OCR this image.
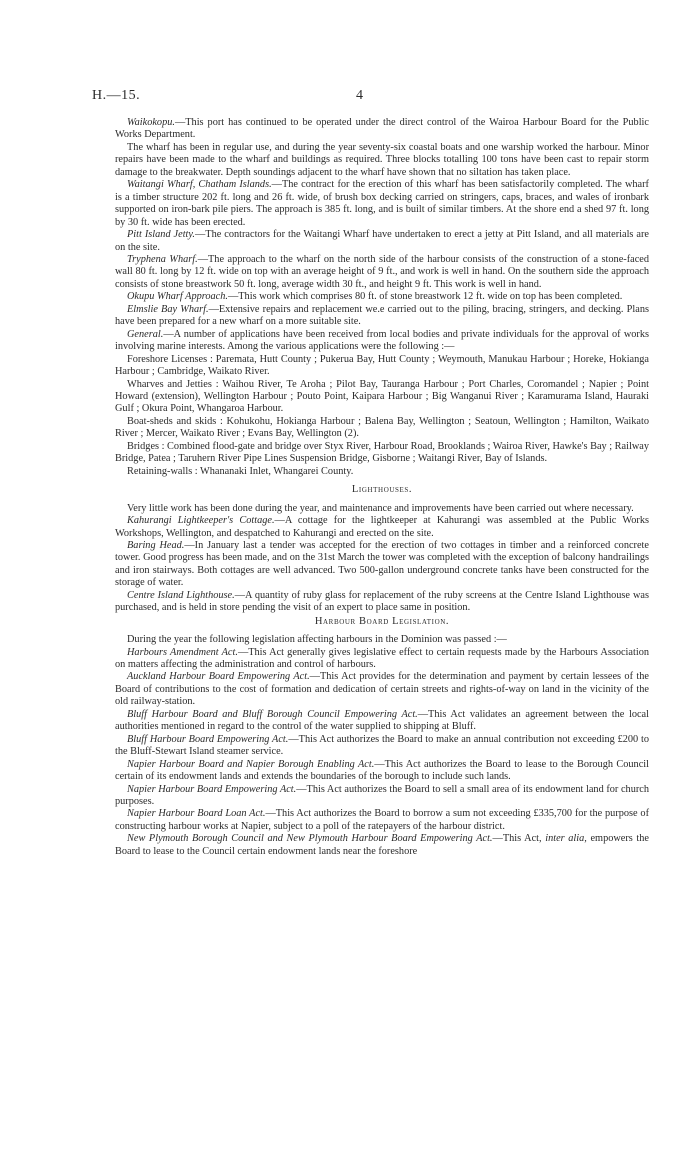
H.—15.	4

Waikokopu.—This port has continued to be operated under the direct control of the Wairoa Harbour Board for the Public Works Department.

The wharf has been in regular use, and during the year seventy-six coastal boats and one warship worked the harbour. Minor repairs have been made to the wharf and buildings as required. Three blocks totalling 100 tons have been cast to repair storm damage to the breakwater. Depth soundings adjacent to the wharf have shown that no siltation has taken place.

Waitangi Wharf, Chatham Islands.—The contract for the erection of this wharf has been satisfactorily completed. The wharf is a timber structure 202 ft. long and 26 ft. wide, of brush box decking carried on stringers, caps, braces, and wales of ironbark supported on iron-bark pile piers. The approach is 385 ft. long, and is built of similar timbers. At the shore end a shed 97 ft. long by 30 ft. wide has been erected.

Pitt Island Jetty.—The contractors for the Waitangi Wharf have undertaken to erect a jetty at Pitt Island, and all materials are on the site.

Tryphena Wharf.—The approach to the wharf on the north side of the harbour consists of the construction of a stone-faced wall 80 ft. long by 12 ft. wide on top with an average height of 9 ft., and work is well in hand. On the southern side the approach consists of stone breastwork 50 ft. long, average width 30 ft., and height 9 ft. This work is well in hand.

Okupu Wharf Approach.—This work which comprises 80 ft. of stone breastwork 12 ft. wide on top has been completed.

Elmslie Bay Wharf.—Extensive repairs and replacement we.e carried out to the piling, bracing, stringers, and decking. Plans have been prepared for a new wharf on a more suitable site.

General.—A number of applications have been received from local bodies and private individuals for the approval of works involving marine interests. Among the various applications were the following :—

Foreshore Licenses : Paremata, Hutt County ; Pukerua Bay, Hutt County ; Weymouth, Manukau Harbour ; Horeke, Hokianga Harbour ; Cambridge, Waikato River.

Wharves and Jetties : Waihou River, Te Aroha ; Pilot Bay, Tauranga Harbour ; Port Charles, Coromandel ; Napier ; Point Howard (extension), Wellington Harbour ; Pouto Point, Kaipara Harbour ; Big Wanganui River ; Karamurama Island, Hauraki Gulf ; Okura Point, Whangaroa Harbour.

Boat-sheds and skids : Kohukohu, Hokianga Harbour ; Balena Bay, Wellington ; Seatoun, Wellington ; Hamilton, Waikato River ; Mercer, Waikato River ; Evans Bay, Wellington (2).

Bridges : Combined flood-gate and bridge over Styx River, Harbour Road, Brooklands ; Wairoa River, Hawke's Bay ; Railway Bridge, Patea ; Taruhern River Pipe Lines Suspension Bridge, Gisborne ; Waitangi River, Bay of Islands.

Retaining-walls : Whananaki Inlet, Whangarei County.

Lighthouses.

Very little work has been done during the year, and maintenance and improvements have been carried out where necessary.

Kahurangi Lightkeeper's Cottage.—A cottage for the lightkeeper at Kahurangi was assembled at the Public Works Workshops, Wellington, and despatched to Kahurangi and erected on the site.

Baring Head.—In January last a tender was accepted for the erection of two cottages in timber and a reinforced concrete tower. Good progress has been made, and on the 31st March the tower was completed with the exception of balcony handrailings and iron stairways. Both cottages are well advanced. Two 500-gallon underground concrete tanks have been constructed for the storage of water.

Centre Island Lighthouse.—A quantity of ruby glass for replacement of the ruby screens at the Centre Island Lighthouse was purchased, and is held in store pending the visit of an expert to place same in position.

Harbour Board Legislation.

During the year the following legislation affecting harbours in the Dominion was passed :—

Harbours Amendment Act.—This Act generally gives legislative effect to certain requests made by the Harbours Association on matters affecting the administration and control of harbours.

Auckland Harbour Board Empowering Act.—This Act provides for the determination and payment by certain lessees of the Board of contributions to the cost of formation and dedication of certain streets and rights-of-way on land in the vicinity of the old railway-station.

Bluff Harbour Board and Bluff Borough Council Empowering Act.—This Act validates an agreement between the local authorities mentioned in regard to the control of the water supplied to shipping at Bluff.

Bluff Harbour Board Empowering Act.—This Act authorizes the Board to make an annual contribution not exceeding £200 to the Bluff-Stewart Island steamer service.

Napier Harbour Board and Napier Borough Enabling Act.—This Act authorizes the Board to lease to the Borough Council certain of its endowment lands and extends the boundaries of the borough to include such lands.

Napier Harbour Board Empowering Act.—This Act authorizes the Board to sell a small area of its endowment land for church purposes.

Napier Harbour Board Loan Act.—This Act authorizes the Board to borrow a sum not exceeding £335,700 for the purpose of constructing harbour works at Napier, subject to a poll of the ratepayers of the harbour district.

New Plymouth Borough Council and New Plymouth Harbour Board Empowering Act.—This Act, inter alia, empowers the Board to lease to the Council certain endowment lands near the foreshore
